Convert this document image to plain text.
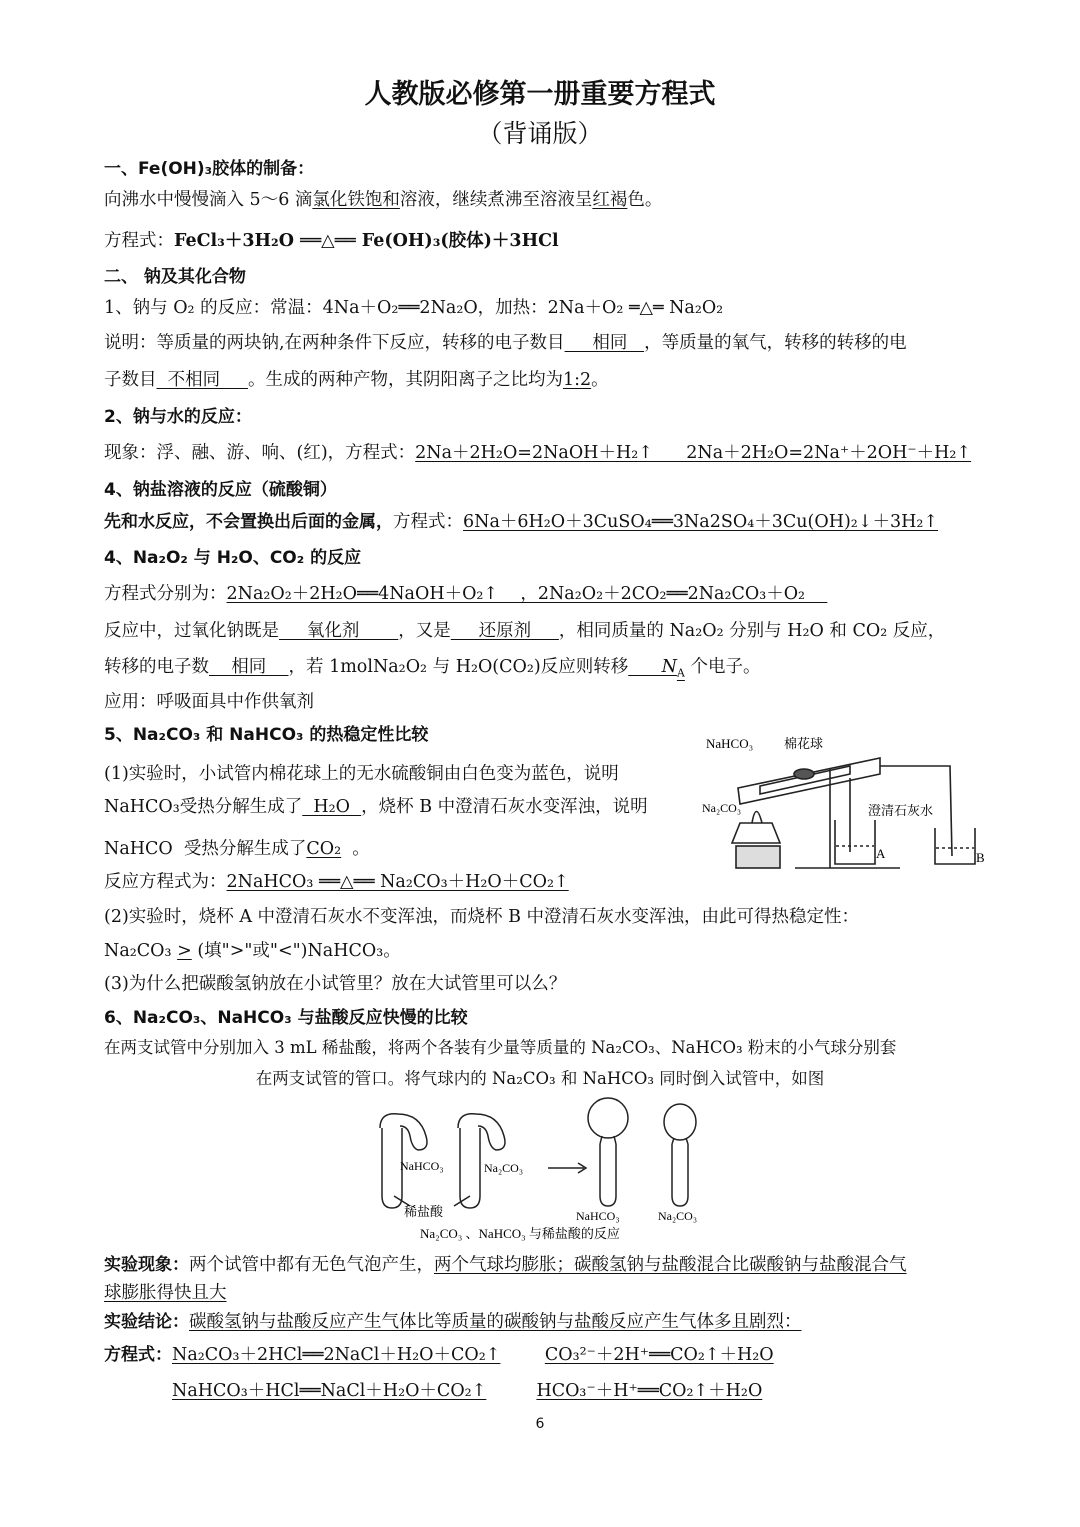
人教版必修第一册重要方程式
（背诵版）
一、Fe(OH)₃胶体的制备：
向沸水中慢慢滴入 5～6 滴氯化铁饱和溶液，继续煮沸至溶液呈红褐色。
方程式：FeCl₃＋3H₂O ══△══ Fe(OH)₃(胶体)＋3HCl
二、 钠及其化合物
1、钠与 O₂ 的反应：常温：4Na＋O₂══2Na₂O，加热：2Na＋O₂ ═△═ Na₂O₂
说明：等质量的两块钠,在两种条件下反应，转移的电子数目     相同   ，等质量的氧气，转移的转移的电
子数目  不相同     。生成的两种产物，其阴阳离子之比均为1:2。
2、钠与水的反应：
现象：浮、融、游、响、(红)，方程式：2Na＋2H₂O=2NaOH＋H₂↑      2Na＋2H₂O=2Na⁺＋2OH⁻＋H₂↑
4、钠盐溶液的反应（硫酸铜）
先和水反应，不会置换出后面的金属，方程式：6Na＋6H₂O＋3CuSO₄══3Na2SO₄＋3Cu(OH)₂↓＋3H₂↑
4、Na₂O₂ 与 H₂O、CO₂ 的反应
方程式分别为：2Na₂O₂＋2H₂O══4NaOH＋O₂↑    ，2Na₂O₂＋2CO₂══2Na₂CO₃＋O₂
反应中，过氧化钠既是     氧化剂       ，又是     还原剂     ，相同质量的 Na₂O₂ 分别与 H₂O 和 CO₂ 反应，
转移的电子数    相同    ，若 1molNa₂O₂ 与 H₂O(CO₂)反应则转移      $N_A$ 个电子。
应用：呼吸面具中作供氧剂
5、Na₂CO₃ 和 NaHCO₃ 的热稳定性比较
(1)实验时，小试管内棉花球上的无水硫酸铜由白色变为蓝色，说明
NaHCO₃受热分解生成了  H₂O  ，烧杯 B 中澄清石灰水变浑浊，说明
NaHCO  受热分解生成了CO₂  。
反应方程式为：2NaHCO₃ ══△══ Na₂CO₃＋H₂O＋CO₂↑
NaHCO₃ 棉花球
Na₂CO₃	澄清石灰水
A	B
(2)实验时，烧杯 A 中澄清石灰水不变浑浊，而烧杯 B 中澄清石灰水变浑浊，由此可得热稳定性：
Na₂CO₃ > (填">"或"<")NaHCO₃。
(3)为什么把碳酸氢钠放在小试管里？放在大试管里可以么？
6、Na₂CO₃、NaHCO₃ 与盐酸反应快慢的比较
在两支试管中分别加入 3 mL 稀盐酸，将两个各装有少量等质量的 Na₂CO₃、NaHCO₃ 粉末的小气球分别套
在两支试管的管口。将气球内的 Na₂CO₃ 和 NaHCO₃ 同时倒入试管中，如图
NaHCO₃	Na₂CO₃
稀盐酸	NaHCO₃	Na₂CO₃
Na₂CO₃ 、NaHCO₃ 与稀盐酸的反应
实验现象：两个试管中都有无色气泡产生，两个气球均膨胀；碳酸氢钠与盐酸混合比碳酸钠与盐酸混合气
球膨胀得快且大
实验结论：碳酸氢钠与盐酸反应产生气体比等质量的碳酸钠与盐酸反应产生气体多且剧烈：
方程式：Na₂CO₃＋2HCl══2NaCl＋H₂O＋CO₂↑	CO₃²⁻＋2H⁺══CO₂↑＋H₂O
NaHCO₃＋HCl══NaCl＋H₂O＋CO₂↑	HCO₃⁻＋H⁺══CO₂↑＋H₂O
6
